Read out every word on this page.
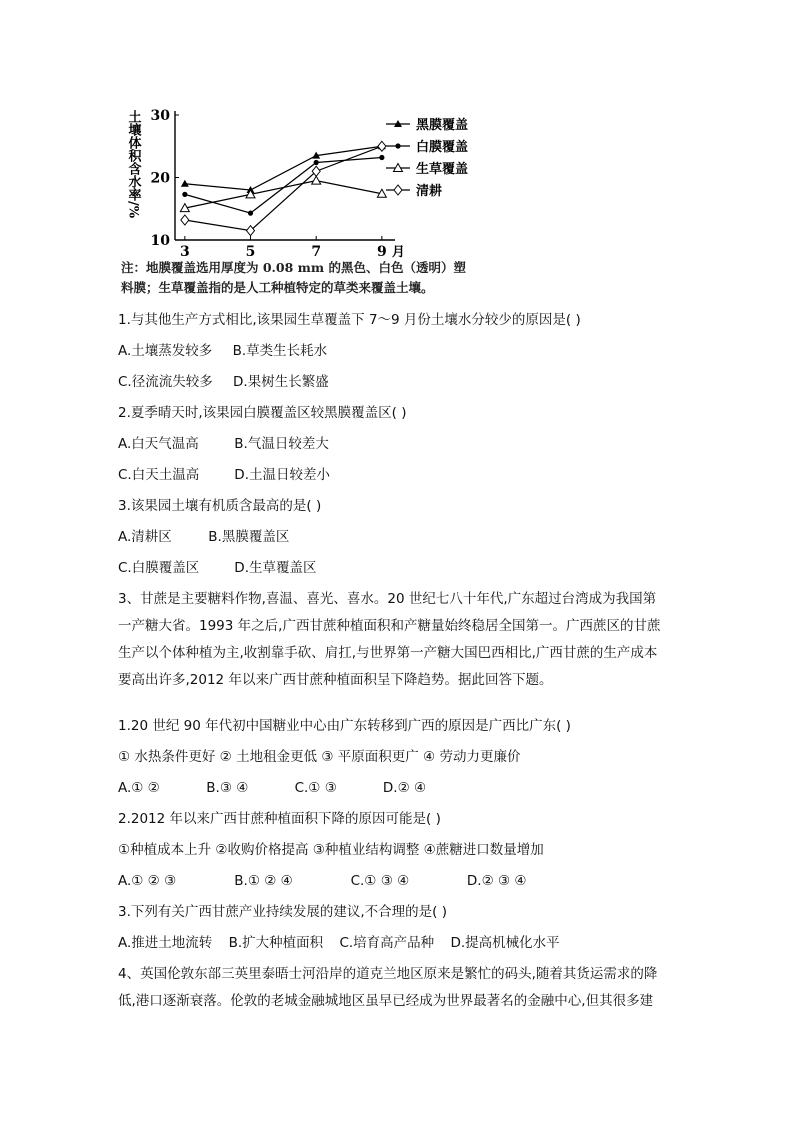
10
20
30
3	5	7	9 月
土壤体积含水率/%	黑膜覆盖
白膜覆盖
生草覆盖
清耕
注：地膜覆盖选用厚度为 0.08 mm 的黑色、白色（透明）塑
料膜；生草覆盖指的是人工种植特定的草类来覆盖土壤。
1.与其他生产方式相比,该果园生草覆盖下 7～9 月份土壤水分较少的原因是( )
A.土壤蒸发较多 B.草类生长耗水
C.径流流失较多 D.果树生长繁盛
2.夏季晴天时,该果园白膜覆盖区较黑膜覆盖区( )
A.白天气温高	B.气温日较差大
C.白天土温高	D.土温日较差小
3.该果园土壤有机质含最高的是( )
A.清耕区	B.黑膜覆盖区
C.白膜覆盖区	D.生草覆盖区
3、甘蔗是主要糖料作物,喜温、喜光、喜水。20 世纪七八十年代,广东超过台湾成为我国第
一产糖大省。1993 年之后,广西甘蔗种植面积和产糖量始终稳居全国第一。广西蔗区的甘蔗
生产以个体种植为主,收割靠手砍、肩扛,与世界第一产糖大国巴西相比,广西甘蔗的生产成本
要高出许多,2012 年以来广西甘蔗种植面积呈下降趋势。据此回答下题。
1.20 世纪 90 年代初中国糖业中心由广东转移到广西的原因是广西比广东( )
① 水热条件更好 ② 土地租金更低 ③ 平原面积更广 ④ 劳动力更廉价
A.① ②	B.③ ④	C.① ③	D.② ④
2.2012 年以来广西甘蔗种植面积下降的原因可能是( )
①种植成本上升 ②收购价格提高 ③种植业结构调整 ④蔗糖进口数量增加
A.① ② ③	B.① ② ④	C.① ③ ④	D.② ③ ④
3.下列有关广西甘蔗产业持续发展的建议,不合理的是( )
A.推进土地流转 B.扩大种植面积 C.培育高产品种 D.提高机械化水平
4、英国伦敦东部三英里泰晤士河沿岸的道克兰地区原来是繁忙的码头,随着其货运需求的降
低,港口逐渐衰落。伦敦的老城金融城地区虽早已经成为世界最著名的金融中心,但其很多建
